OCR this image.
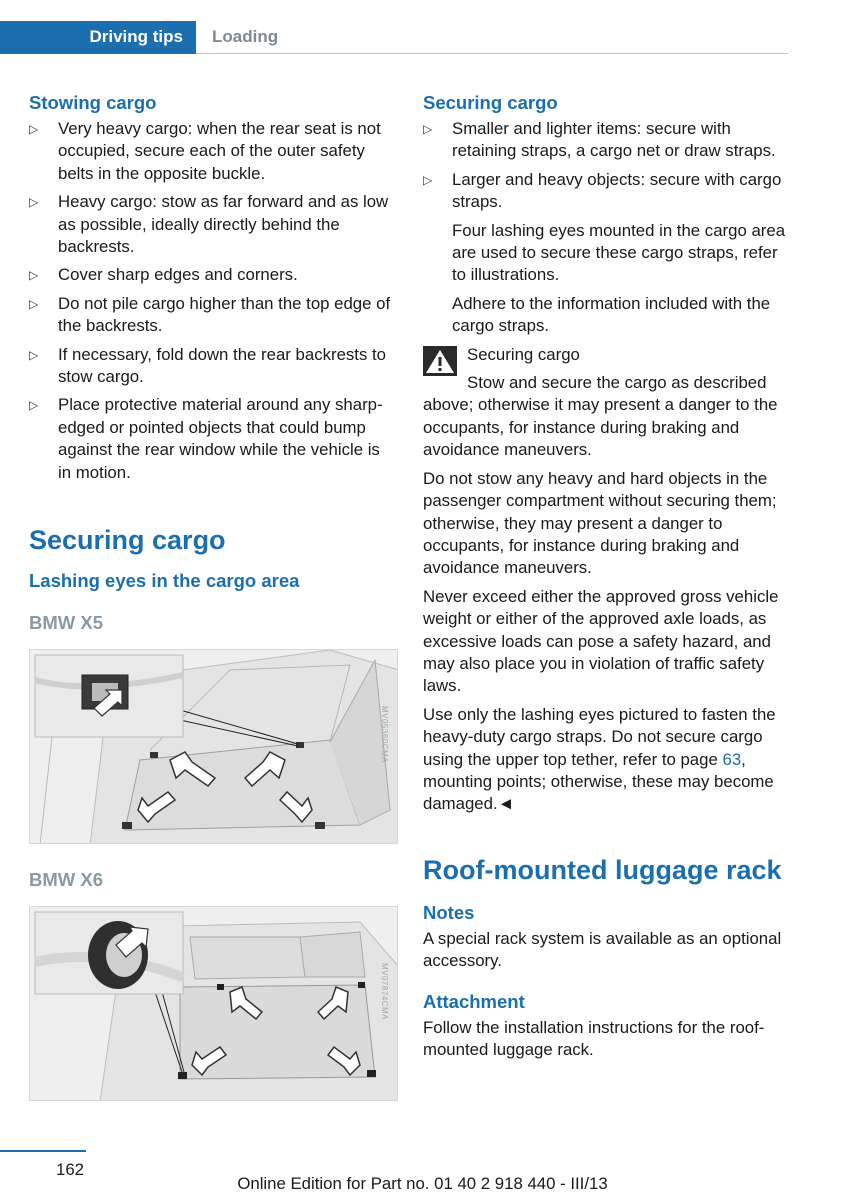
Driving tips	Loading
Stowing cargo
▷ Very heavy cargo: when the rear seat is not occupied, secure each of the outer safety belts in the opposite buckle.
▷ Heavy cargo: stow as far forward and as low as possible, ideally directly behind the backrests.
▷ Cover sharp edges and corners.
▷ Do not pile cargo higher than the top edge of the backrests.
▷ If necessary, fold down the rear backrests to stow cargo.
▷ Place protective material around any sharp-edged or pointed objects that could bump against the rear window while the vehicle is in motion.
Securing cargo
Lashing eyes in the cargo area
BMW X5
MV05360CMA
BMW X6
MV07874CMA
Securing cargo
▷ Smaller and lighter items: secure with retaining straps, a cargo net or draw straps.
▷ Larger and heavy objects: secure with cargo straps.
Four lashing eyes mounted in the cargo area are used to secure these cargo straps, refer to illustrations.
Adhere to the information included with the cargo straps.
Securing cargo
Stow and secure the cargo as described above; otherwise it may present a danger to the occupants, for instance during braking and avoidance maneuvers.
Do not stow any heavy and hard objects in the passenger compartment without securing them; otherwise, they may present a danger to occupants, for instance during braking and avoidance maneuvers.
Never exceed either the approved gross vehicle weight or either of the approved axle loads, as excessive loads can pose a safety hazard, and may also place you in violation of traffic safety laws.
Use only the lashing eyes pictured to fasten the heavy-duty cargo straps. Do not secure cargo using the upper top tether, refer to page 63, mounting points; otherwise, these may become damaged.◄
Roof-mounted luggage rack
Notes
A special rack system is available as an optional accessory.
Attachment
Follow the installation instructions for the roof-mounted luggage rack.
162
Online Edition for Part no. 01 40 2 918 440 - III/13
